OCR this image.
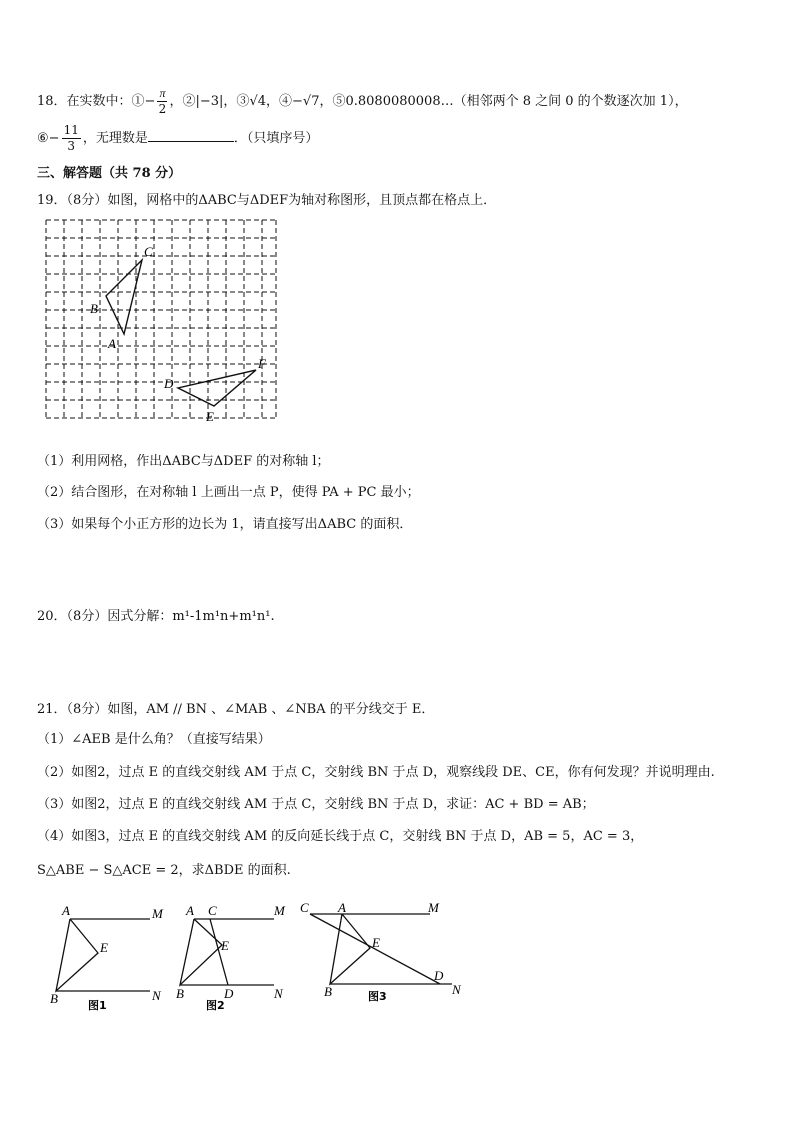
18．在实数中：①− $\frac{\pi}{2}$ ，②|−3|，③√4，④−√7，⑤0.8080080008…（相邻两个 8 之间 0 的个数逐次加 1），
⑥− $\frac{11}{3}$ ，无理数是	．（只填序号）
三、解答题（共 78 分）
19．（8分）如图，网格中的ΔABC与ΔDEF为轴对称图形，且顶点都在格点上．
C
B
A
D
F
E
（1）利用网格，作出ΔABC与ΔDEF 的对称轴 l；
（2）结合图形，在对称轴 l 上画出一点 P，使得 PA + PC 最小；
（3）如果每个小正方形的边长为 1，请直接写出ΔABC 的面积．
20．（8分）因式分解：m¹-1m¹n+m¹n¹.
21．（8分）如图，AM // BN 、∠MAB 、∠NBA 的平分线交于 E．
（1）∠AEB 是什么角？（直接写结果）
（2）如图2，过点 E 的直线交射线 AM 于点 C，交射线 BN 于点 D，观察线段 DE、CE，你有何发现？并说明理由.
（3）如图2，过点 E 的直线交射线 AM 于点 C，交射线 BN 于点 D，求证：AC + BD = AB；
（4）如图3，过点 E 的直线交射线 AM 的反向延长线于点 C，交射线 BN 于点 D，AB = 5，AC = 3，
S△ABE − S△ACE = 2，求ΔBDE 的面积.
A	M
E
B	N
图1
A C	M
E
B	D	N
图2
C A	M
E
D
B	N
图3
